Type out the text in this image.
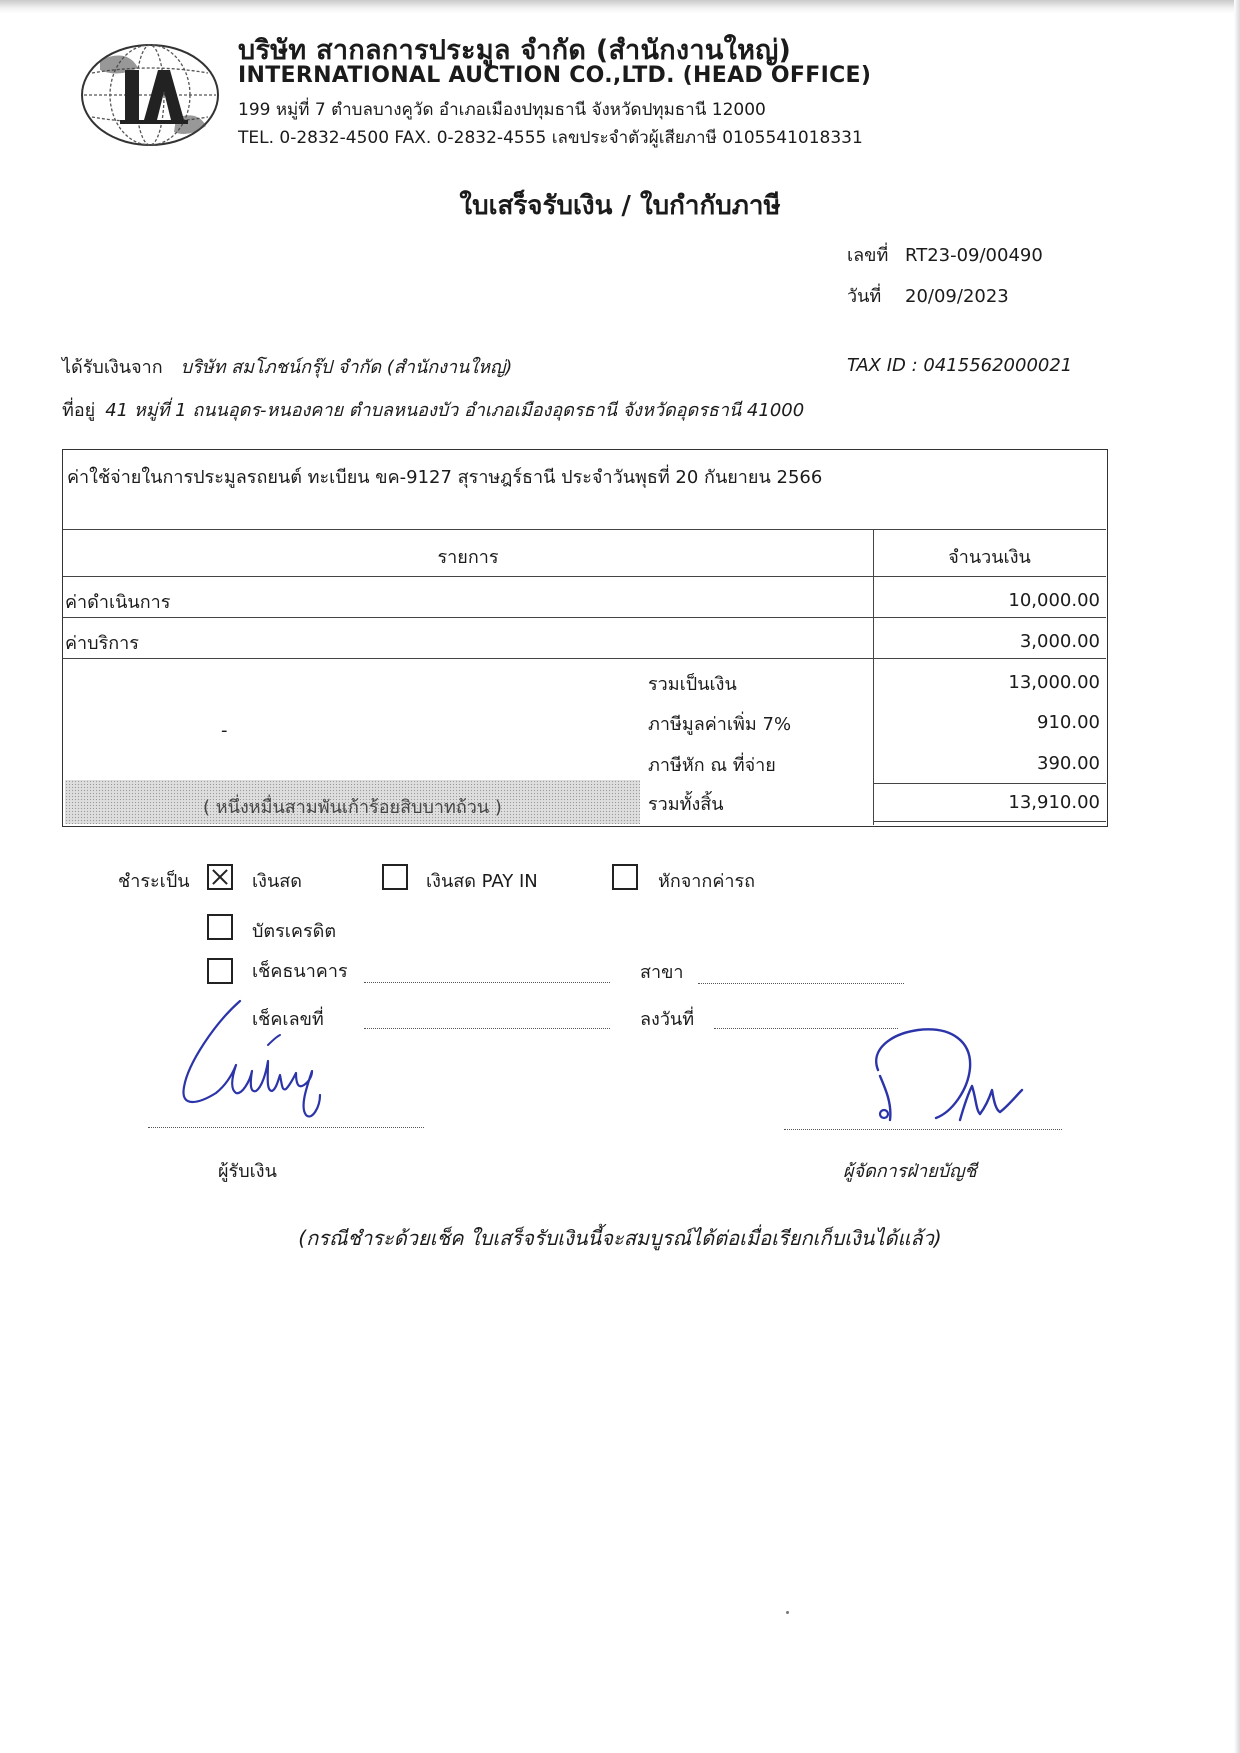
บริษัท สากลการประมูล จำกัด (สำนักงานใหญ่)
INTERNATIONAL AUCTION CO.,LTD. (HEAD OFFICE)
199 หมู่ที่ 7 ตำบลบางคูวัด อำเภอเมืองปทุมธานี จังหวัดปทุมธานี 12000
TEL. 0-2832-4500 FAX. 0-2832-4555 เลขประจำตัวผู้เสียภาษี 0105541018331
ใบเสร็จรับเงิน / ใบกำกับภาษี
เลขที่ RT23-09/00490
วันที่ 20/09/2023
ได้รับเงินจาก บริษัท สมโภชน์กรุ๊ป จำกัด (สำนักงานใหญ่)	TAX ID : 0415562000021
ที่อยู่ 41 หมู่ที่ 1 ถนนอุดร-หนองคาย ตำบลหนองบัว อำเภอเมืองอุดรธานี จังหวัดอุดรธานี 41000
ค่าใช้จ่ายในการประมูลรถยนต์ ทะเบียน ขค-9127 สุราษฎร์ธานี ประจำวันพุธที่ 20 กันยายน 2566
รายการ	จำนวนเงิน
ค่าดำเนินการ	10,000.00
ค่าบริการ	3,000.00
-
รวมเป็นเงิน	13,000.00
ภาษีมูลค่าเพิ่ม 7%	910.00
ภาษีหัก ณ ที่จ่าย	390.00
( หนึ่งหมื่นสามพันเก้าร้อยสิบบาทถ้วน )	รวมทั้งสิ้น	13,910.00
ชำระเป็น	เงินสด	เงินสด PAY IN	หักจากค่ารถ
บัตรเครดิต
เช็คธนาคาร	สาขา
เช็คเลขที่	ลงวันที่
ผู้รับเงิน	ผู้จัดการฝ่ายบัญชี
(กรณีชำระด้วยเช็ค ใบเสร็จรับเงินนี้จะสมบูรณ์ได้ต่อเมื่อเรียกเก็บเงินได้แล้ว)
